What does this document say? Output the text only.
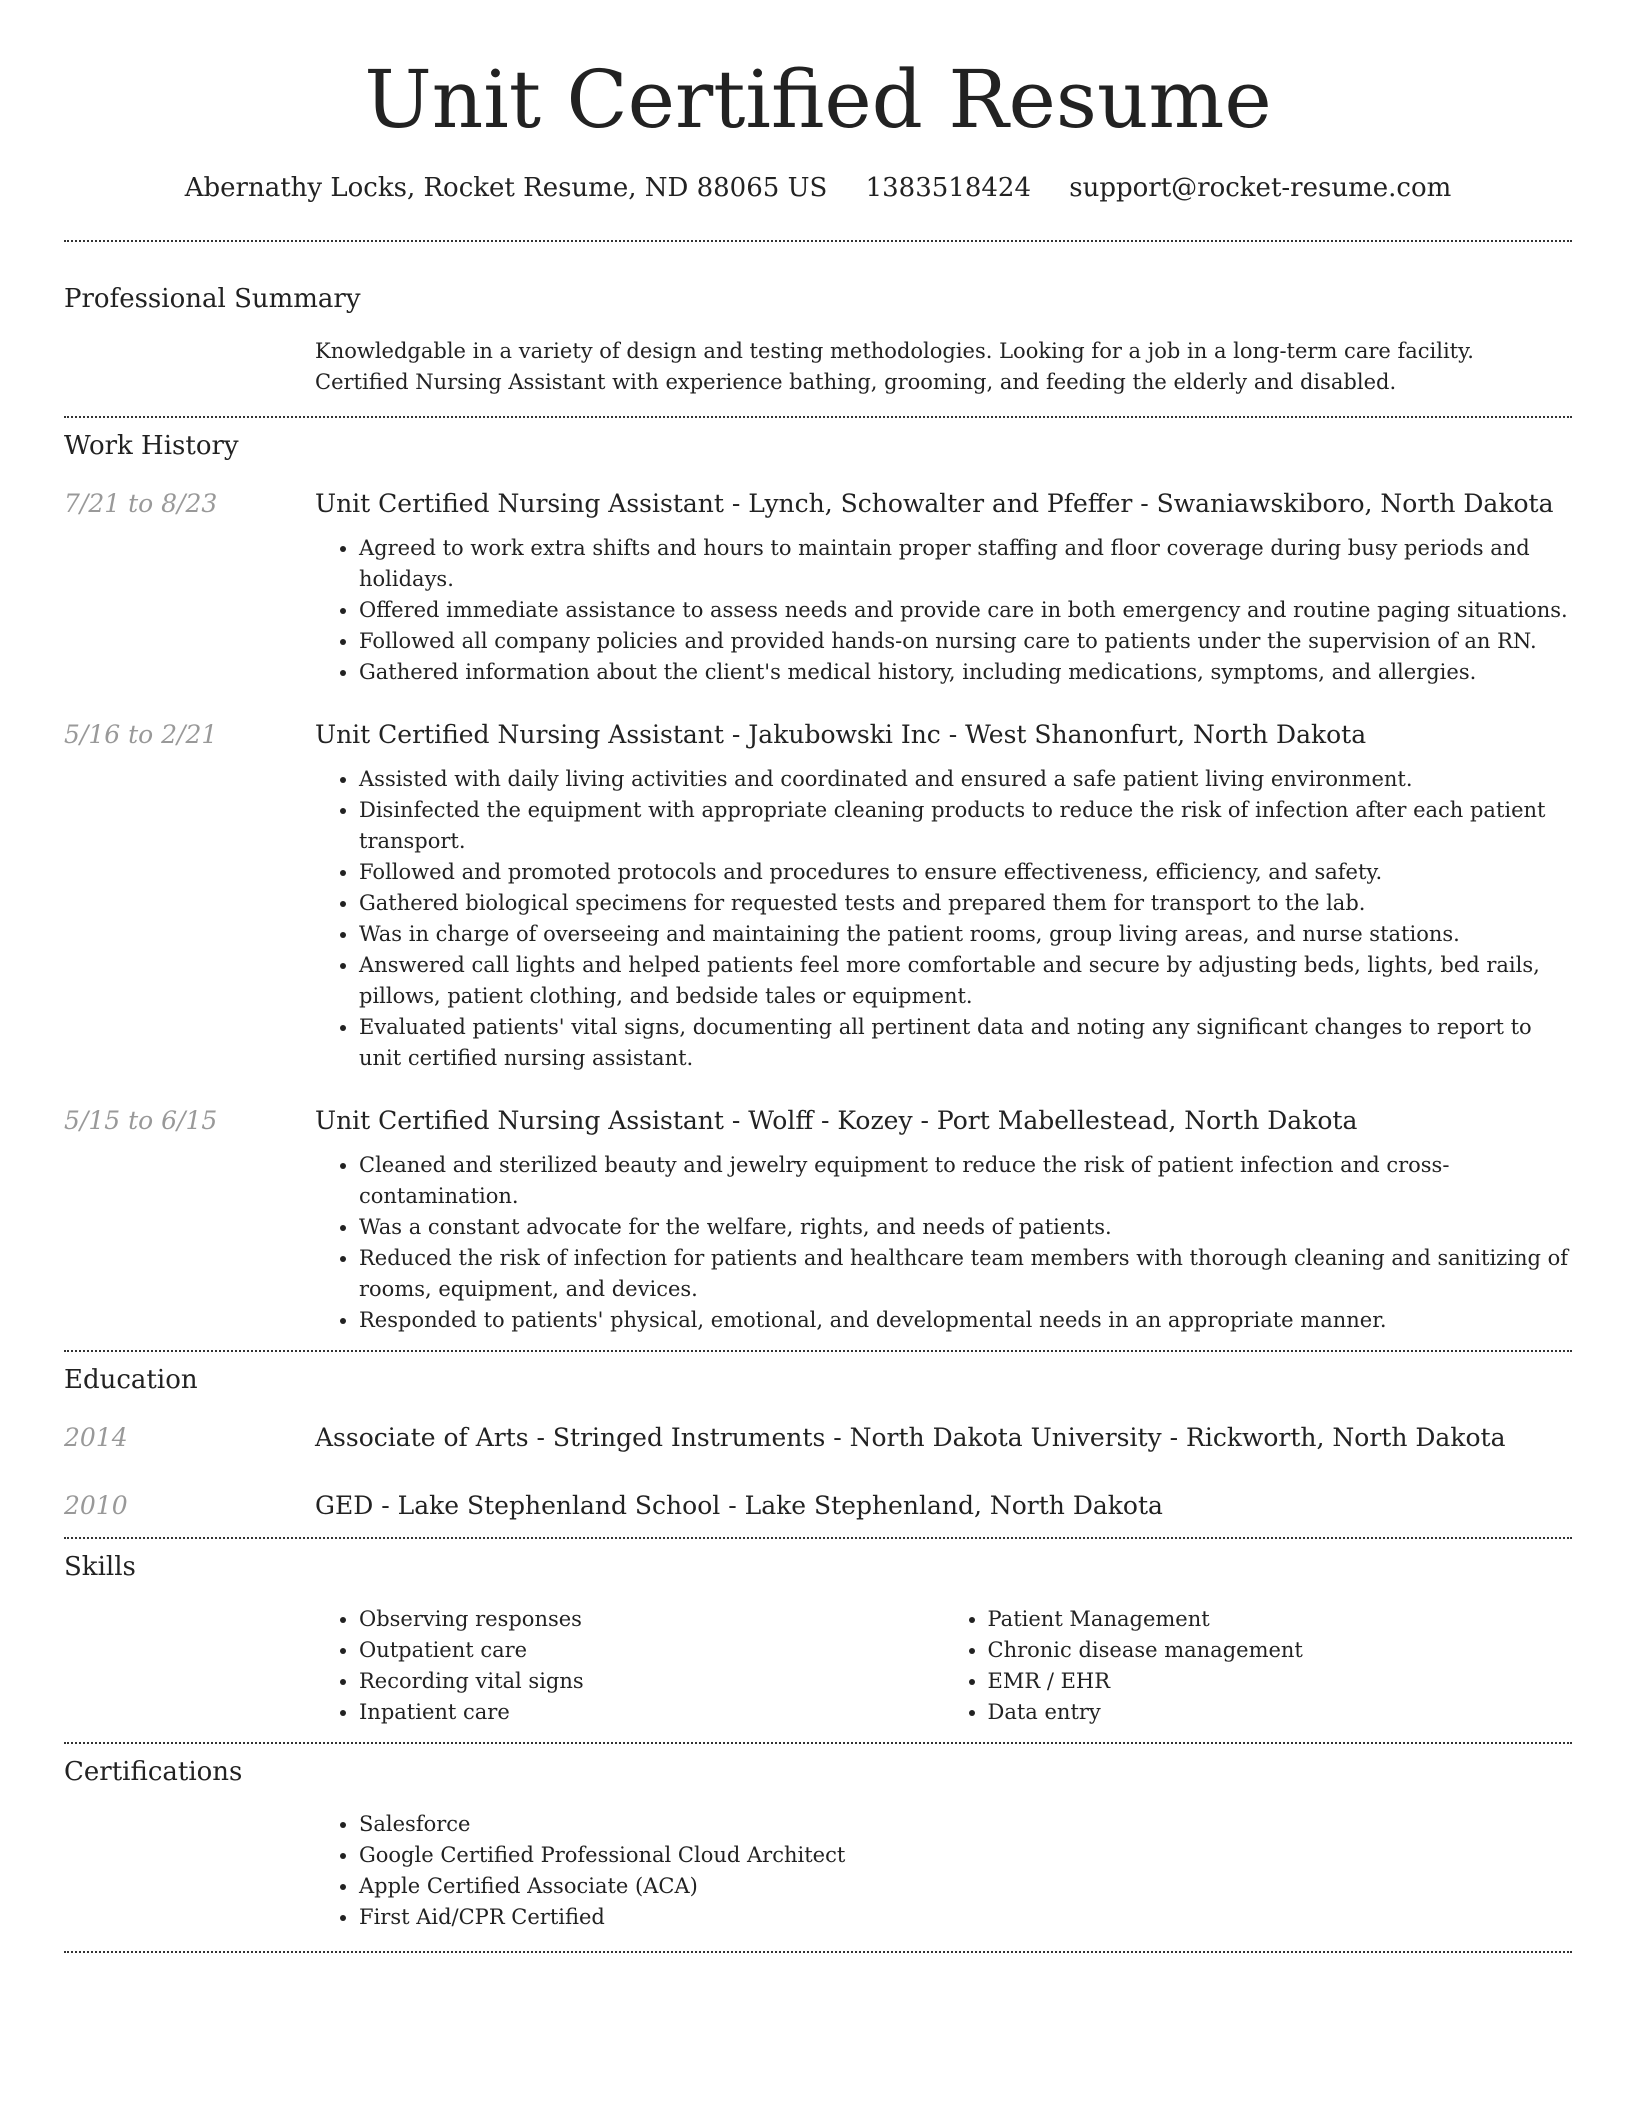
Unit Certified Resume
Abernathy Locks, Rocket Resume, ND 88065 US 1383518424 support@rocket-resume.com
Professional Summary
Knowledgable in a variety of design and testing methodologies. Looking for a job in a long-term care facility. Certified Nursing Assistant with experience bathing, grooming, and feeding the elderly and disabled.
Work History
7/21 to 8/23	Unit Certified Nursing Assistant - Lynch, Schowalter and Pfeffer - Swaniawskiboro, North Dakota
• Agreed to work extra shifts and hours to maintain proper staffing and floor coverage during busy periods and holidays.
• Offered immediate assistance to assess needs and provide care in both emergency and routine paging situations.
• Followed all company policies and provided hands-on nursing care to patients under the supervision of an RN.
• Gathered information about the client's medical history, including medications, symptoms, and allergies.
5/16 to 2/21	Unit Certified Nursing Assistant - Jakubowski Inc - West Shanonfurt, North Dakota
• Assisted with daily living activities and coordinated and ensured a safe patient living environment.
• Disinfected the equipment with appropriate cleaning products to reduce the risk of infection after each patient transport.
• Followed and promoted protocols and procedures to ensure effectiveness, efficiency, and safety.
• Gathered biological specimens for requested tests and prepared them for transport to the lab.
• Was in charge of overseeing and maintaining the patient rooms, group living areas, and nurse stations.
• Answered call lights and helped patients feel more comfortable and secure by adjusting beds, lights, bed rails, pillows, patient clothing, and bedside tales or equipment.
• Evaluated patients' vital signs, documenting all pertinent data and noting any significant changes to report to unit certified nursing assistant.
5/15 to 6/15	Unit Certified Nursing Assistant - Wolff - Kozey - Port Mabellestead, North Dakota
• Cleaned and sterilized beauty and jewelry equipment to reduce the risk of patient infection and cross-contamination.
• Was a constant advocate for the welfare, rights, and needs of patients.
• Reduced the risk of infection for patients and healthcare team members with thorough cleaning and sanitizing of rooms, equipment, and devices.
• Responded to patients' physical, emotional, and developmental needs in an appropriate manner.
Education
2014	Associate of Arts - Stringed Instruments - North Dakota University - Rickworth, North Dakota
2010	GED - Lake Stephenland School - Lake Stephenland, North Dakota
Skills
• Observing responses
• Outpatient care
• Recording vital signs
• Inpatient care
• Patient Management
• Chronic disease management
• EMR / EHR
• Data entry
Certifications
• Salesforce
• Google Certified Professional Cloud Architect
• Apple Certified Associate (ACA)
• First Aid/CPR Certified
